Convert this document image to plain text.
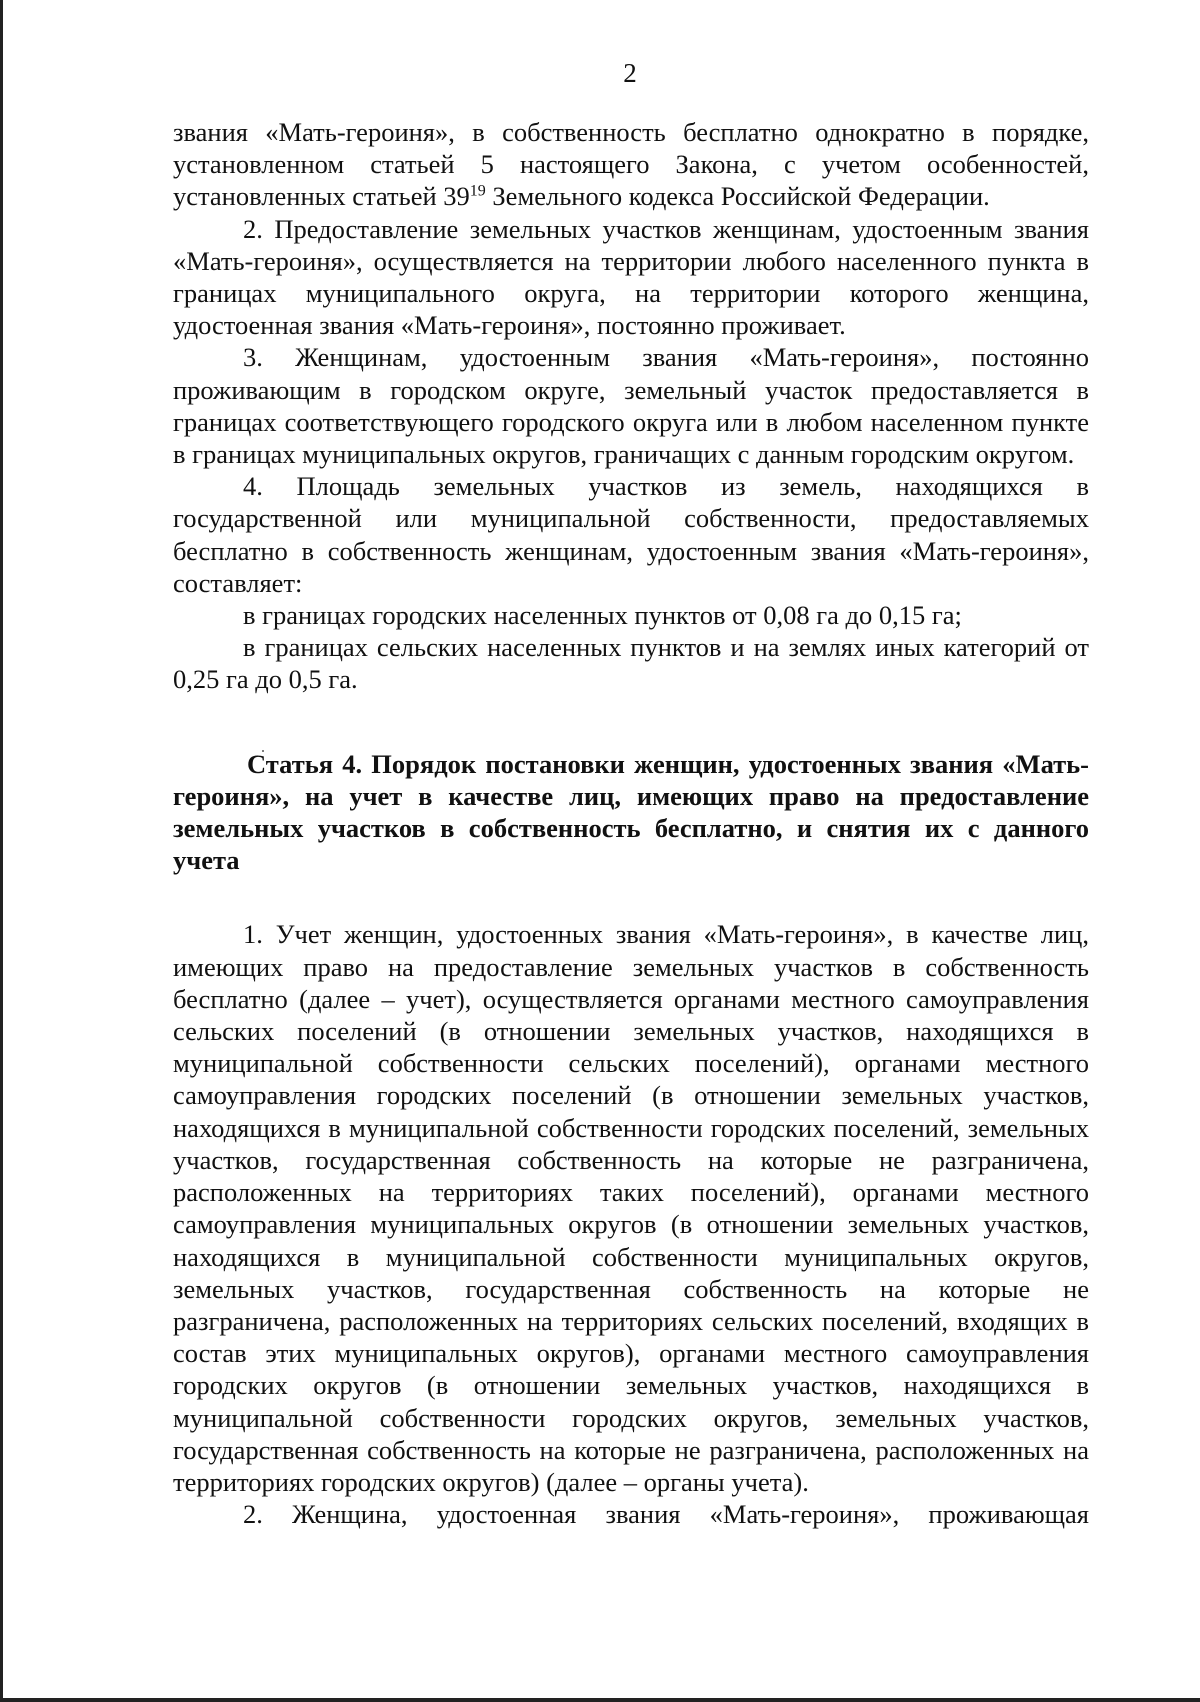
2

звания «Мать-героиня», в собственность бесплатно однократно в порядке, установленном статьей 5 настоящего Закона, с учетом особенностей, установленных статьей $39^{19}$ Земельного кодекса Российской Федерации.

2. Предоставление земельных участков женщинам, удостоенным звания «Мать-героиня», осуществляется на территории любого населенного пункта в границах муниципального округа, на территории которого женщина, удостоенная звания «Мать-героиня», постоянно проживает.

3. Женщинам, удостоенным звания «Мать-героиня», постоянно проживающим в городском округе, земельный участок предоставляется в границах соответствующего городского округа или в любом населенном пункте в границах муниципальных округов, граничащих с данным городским округом.

4. Площадь земельных участков из земель, находящихся в государственной или муниципальной собственности, предоставляемых бесплатно в собственность женщинам, удостоенным звания «Мать-героиня», составляет:

в границах городских населенных пунктов от 0,08 га до 0,15 га;

в границах сельских населенных пунктов и на землях иных категорий от 0,25 га до 0,5 га.

Статья 4. Порядок постановки женщин, удостоенных звания «Мать-героиня», на учет в качестве лиц, имеющих право на предоставление земельных участков в собственность бесплатно, и снятия их с данного учета

1. Учет женщин, удостоенных звания «Мать-героиня», в качестве лиц, имеющих право на предоставление земельных участков в собственность бесплатно (далее – учет), осуществляется органами местного самоуправления сельских поселений (в отношении земельных участков, находящихся в муниципальной собственности сельских поселений), органами местного самоуправления городских поселений (в отношении земельных участков, находящихся в муниципальной собственности городских поселений, земельных участков, государственная собственность на которые не разграничена, расположенных на территориях таких поселений), органами местного самоуправления муниципальных округов (в отношении земельных участков, находящихся в муниципальной собственности муниципальных округов, земельных участков, государственная собственность на которые не разграничена, расположенных на территориях сельских поселений, входящих в состав этих муниципальных округов), органами местного самоуправления городских округов (в отношении земельных участков, находящихся в муниципальной собственности городских округов, земельных участков, государственная собственность на которые не разграничена, расположенных на территориях городских округов) (далее – органы учета).

2. Женщина, удостоенная звания «Мать-героиня», проживающая
